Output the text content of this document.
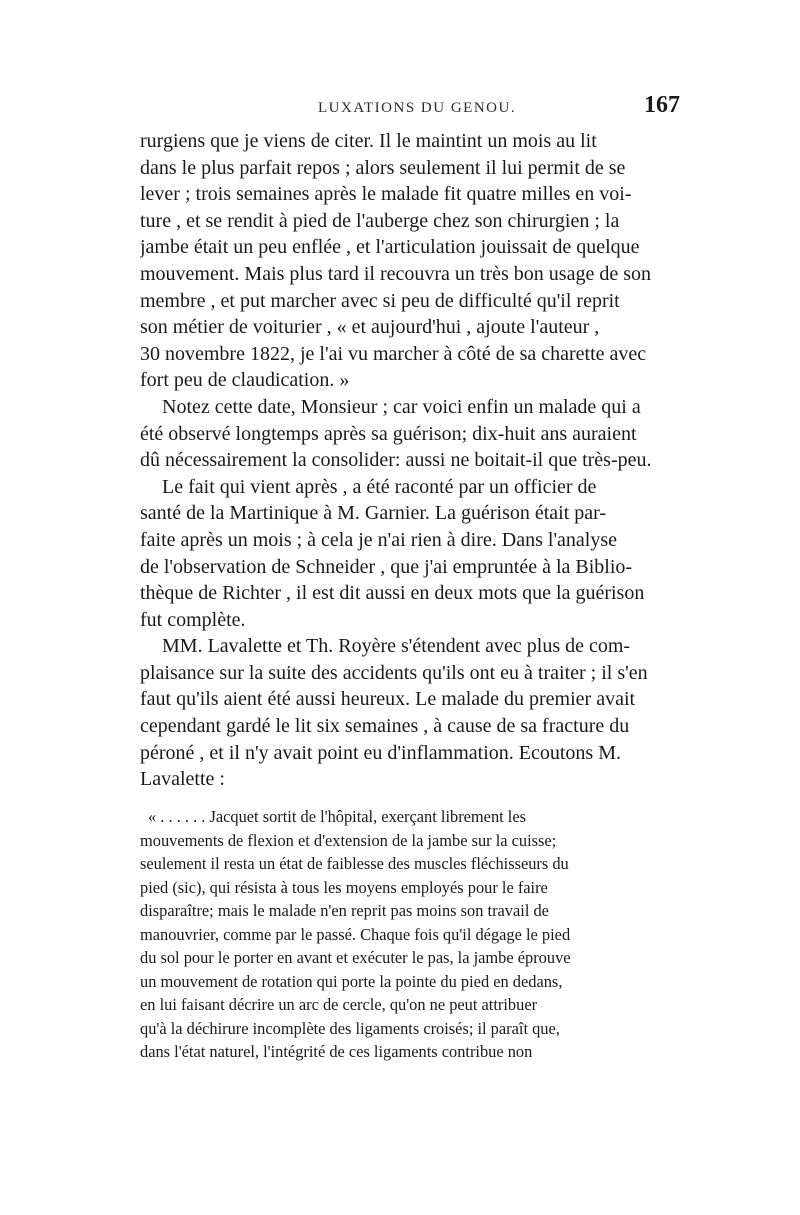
LUXATIONS DU GENOU.	167
rurgiens que je viens de citer. Il le maintint un mois au lit
dans le plus parfait repos ; alors seulement il lui permit de se
lever ; trois semaines après le malade fit quatre milles en voi-
ture , et se rendit à pied de l'auberge chez son chirurgien ; la
jambe était un peu enflée , et l'articulation jouissait de quelque
mouvement. Mais plus tard il recouvra un très bon usage de son
membre , et put marcher avec si peu de difficulté qu'il reprit
son métier de voiturier , « et aujourd'hui , ajoute l'auteur ,
30 novembre 1822, je l'ai vu marcher à côté de sa charette avec
fort peu de claudication. »
Notez cette date, Monsieur ; car voici enfin un malade qui a
été observé longtemps après sa guérison; dix-huit ans auraient
dû nécessairement la consolider: aussi ne boitait-il que très-peu.
Le fait qui vient après , a été raconté par un officier de
santé de la Martinique à M. Garnier. La guérison était par-
faite après un mois ; à cela je n'ai rien à dire. Dans l'analyse
de l'observation de Schneider , que j'ai empruntée à la Biblio-
thèque de Richter , il est dit aussi en deux mots que la guérison
fut complète.
MM. Lavalette et Th. Royère s'étendent avec plus de com-
plaisance sur la suite des accidents qu'ils ont eu à traiter ; il s'en
faut qu'ils aient été aussi heureux. Le malade du premier avait
cependant gardé le lit six semaines , à cause de sa fracture du
péroné , et il n'y avait point eu d'inflammation. Ecoutons M.
Lavalette :
« . . . . . . Jacquet sortit de l'hôpital, exerçant librement les
mouvements de flexion et d'extension de la jambe sur la cuisse;
seulement il resta un état de faiblesse des muscles fléchisseurs du
pied (sic), qui résista à tous les moyens employés pour le faire
disparaître; mais le malade n'en reprit pas moins son travail de
manouvrier, comme par le passé. Chaque fois qu'il dégage le pied
du sol pour le porter en avant et exécuter le pas, la jambe éprouve
un mouvement de rotation qui porte la pointe du pied en dedans,
en lui faisant décrire un arc de cercle, qu'on ne peut attribuer
qu'à la déchirure incomplète des ligaments croisés; il paraît que,
dans l'état naturel, l'intégrité de ces ligaments contribue non
